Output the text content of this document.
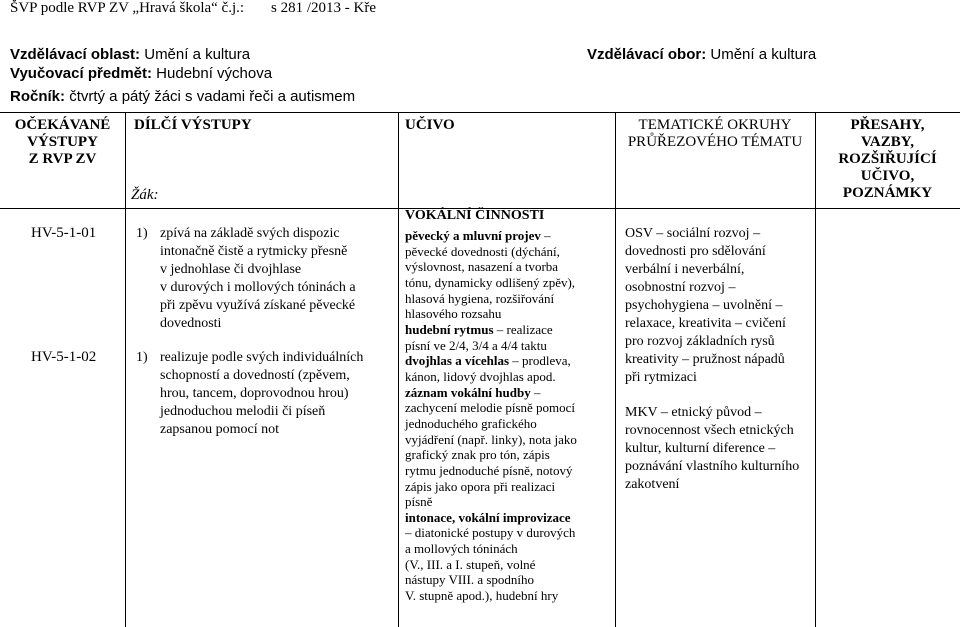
ŠVP podle RVP ZV „Hravá škola“ č.j.: s 281 /2013 - Kře
Vzdělávací oblast: Umění a kultura
Vyučovací předmět: Hudební výchova
Ročník: čtvrtý a pátý žáci s vadami řeči a autismem
Vzdělávací obor: Umění a kultura
OČEKÁVANÉ
VÝSTUPY
Z RVP ZV
DÍLČÍ VÝSTUPY
Žák:
UČIVO	TEMATICKÉ OKRUHY
PRŮŘEZOVÉHO TÉMATU
PŘESAHY,
VAZBY,
ROZŠIŘUJÍCÍ
UČIVO,
POZNÁMKY
VOKÁLNÍ ČINNOSTI
HV-5-1-01
HV-5-1-02
1) zpívá na základě svých dispozic
intonačně čistě a rytmicky přesně
v jednohlase či dvojhlase
v durových i mollových tóninách a
při zpěvu využívá získané pěvecké
dovednosti
1) realizuje podle svých individuálních
schopností a dovedností (zpěvem,
hrou, tancem, doprovodnou hrou)
jednoduchou melodii či píseň
zapsanou pomocí not
pěvecký a mluvní projev –
pěvecké dovednosti (dýchání,
výslovnost, nasazení a tvorba
tónu, dynamicky odlišený zpěv),
hlasová hygiena, rozšiřování
hlasového rozsahu
hudební rytmus – realizace
písní ve 2/4, 3/4 a 4/4 taktu
dvojhlas a vícehlas – prodleva,
kánon, lidový dvojhlas apod.
záznam vokální hudby –
zachycení melodie písně pomocí
jednoduchého grafického
vyjádření (např. linky), nota jako
grafický znak pro tón, zápis
rytmu jednoduché písně, notový
zápis jako opora při realizaci
písně
intonace, vokální improvizace
– diatonické postupy v durových
a mollových tóninách
(V., III. a I. stupeň, volné
nástupy VIII. a spodního
V. stupně apod.), hudební hry
OSV – sociální rozvoj –
dovednosti pro sdělování
verbální i neverbální,
osobnostní rozvoj –
psychohygiena – uvolnění –
relaxace, kreativita – cvičení
pro rozvoj základních rysů
kreativity – pružnost nápadů
při rytmizaci
MKV – etnický původ –
rovnocennost všech etnických
kultur, kulturní diference –
poznávání vlastního kulturního
zakotvení
